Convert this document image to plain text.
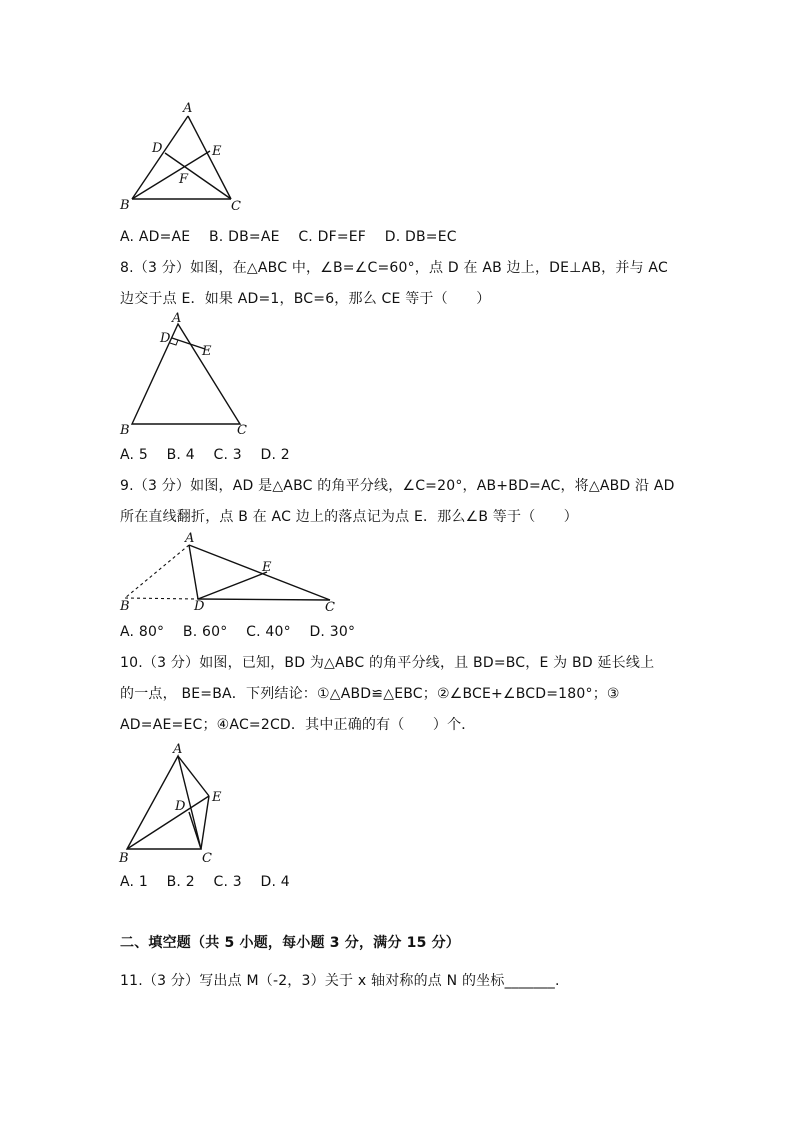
A
D	E
F
B	C
A. AD=AE B. DB=AE C. DF=EF D. DB=EC
8.（3 分）如图，在△ABC 中，∠B=∠C=60°，点 D 在 AB 边上，DE⊥AB，并与 AC
边交于点 E．如果 AD=1，BC=6，那么 CE 等于（　　）
A
D
E
B	C
A. 5 B. 4 C. 3 D. 2
9.（3 分）如图，AD 是△ABC 的角平分线，∠C=20°，AB+BD=AC，将△ABD 沿 AD
所在直线翻折，点 B 在 AC 边上的落点记为点 E．那么∠B 等于（　　）
A
E
B	D	C
A. 80° B. 60° C. 40° D. 30°
10.（3 分）如图，已知，BD 为△ABC 的角平分线，且 BD=BC，E 为 BD 延长线上
的一点， BE=BA．下列结论：①△ABD≌△EBC；②∠BCE+∠BCD=180°；③
AD=AE=EC；④AC=2CD．其中正确的有（　　）个．
A
D
E
B	C
A. 1 B. 2 C. 3 D. 4
二、填空题（共 5 小题，每小题 3 分，满分 15 分）
11.（3 分）写出点 M（-2，3）关于 x 轴对称的点 N 的坐标_______.
